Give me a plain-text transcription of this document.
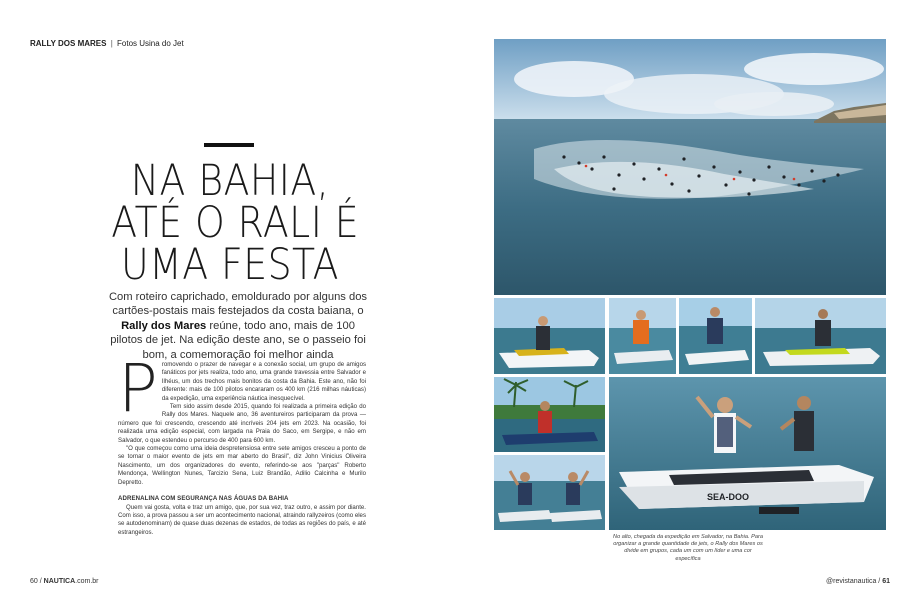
RALLY DOS MARES | Fotos Usina do Jet
NA BAHIA,
ATÉ O RALI É
UMA FESTA
Com roteiro caprichado, emoldurado por alguns dos cartões-postais mais festejados da costa baiana, o Rally dos Mares reúne, todo ano, mais de 100 pilotos de jet. Na edição deste ano, se o passeio foi bom, a comemoração foi melhor ainda
P romovendo o prazer de navegar e a conexão social, um grupo de amigos fanáticos por jets realiza, todo ano, uma grande travessia entre Salvador e Ilhéus, um dos trechos mais bonitos da costa da Bahia. Este ano, não foi diferente: mais de 100 pilotos encararam os 400 km (216 milhas náuticas) da expedição, uma experiência náutica inesquecível.

Tem sido assim desde 2015, quando foi realizada a primeira edição do Rally dos Mares. Naquele ano, 36 aventureiros participaram da prova — número que foi crescendo, crescendo até incríveis 204 jets em 2023. Na ocasião, foi realizada uma edição especial, com largada na Praia do Saco, em Sergipe, e não em Salvador, o que estendeu o percurso de 400 para 600 km.

"O que começou como uma ideia despretensiosa entre sete amigos cresceu a ponto de se tornar o maior evento de jets em mar aberto do Brasil", diz John Vinicius Oliveira Nascimento, um dos organizadores do evento, referindo-se aos "parças" Roberto Mendonça, Wellington Nunes, Tarcizio Sena, Luiz Brandão, Adilio Calcinha e Murilo Depretto.

ADRENALINA COM SEGURANÇA NAS ÁGUAS DA BAHIA

Quem vai gosta, volta e traz um amigo, que, por sua vez, traz outro, e assim por diante. Com isso, a prova passou a ser um acontecimento nacional, atraindo rallyzeiros (como eles se autodenominam) de quase duas dezenas de estados, de todas as regiões do país, e até estrangeiros.

60 / NAUTICA.com.br
SEA-DOO
No alto, chegada da expedição em Salvador, na Bahia. Para organizar a grande quantidade de jets, o Rally dos Mares os divide em grupos, cada um com um líder e uma cor específica
@revistanautica / 61
